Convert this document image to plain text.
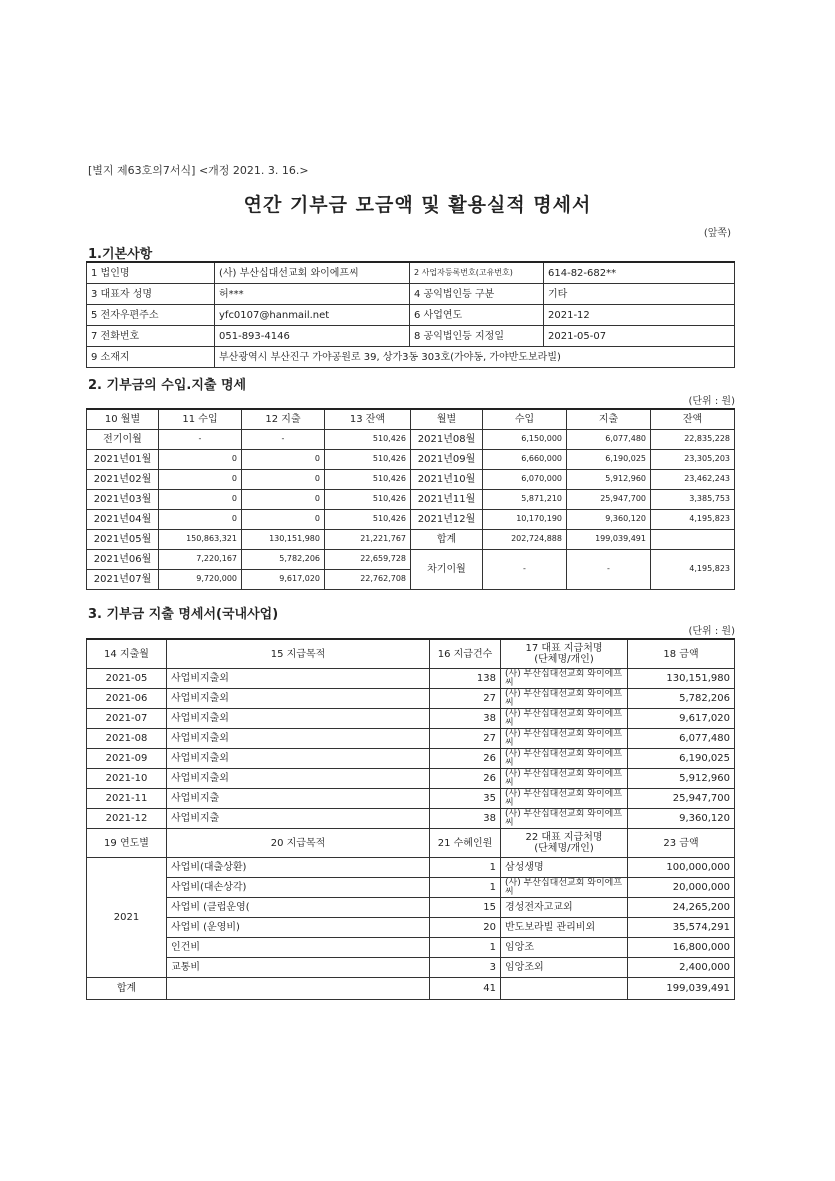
[별지 제63호의7서식] <개정 2021. 3. 16.>
연간 기부금 모금액 및 활용실적 명세서
(앞쪽)
1.기본사항
1 법인명	(사) 부산십대선교회 와이에프씨	2 사업자등록번호(고유번호)	614-82-682**
3 대표자 성명	허***	4 공익법인등 구분	기타
5 전자우편주소	yfc0107@hanmail.net	6 사업연도	2021-12
7 전화번호	051-893-4146	8 공익법인등 지정일	2021-05-07
9 소재지	부산광역시 부산진구 가야공원로 39, 상가3동 303호(가야동, 가야반도보라빌)		
2. 기부금의 수입.지출 명세
(단위 : 원)
10 월별	11 수입	12 지출	13 잔액	월별	수입	지출	잔액
전기이월	-	-	510,426	2021년08월	6,150,000	6,077,480	22,835,228
2021년01월	0	0	510,426	2021년09월	6,660,000	6,190,025	23,305,203
2021년02월	0	0	510,426	2021년10월	6,070,000	5,912,960	23,462,243
2021년03월	0	0	510,426	2021년11월	5,871,210	25,947,700	3,385,753
2021년04월	0	0	510,426	2021년12월	10,170,190	9,360,120	4,195,823
2021년05월	150,863,321	130,151,980	21,221,767	합계	202,724,888	199,039,491	
2021년06월	7,220,167	5,782,206	22,659,728	차기이월	-	-	4,195,823
2021년07월	9,720,000	9,617,020	22,762,708				
3. 기부금 지출 명세서(국내사업)
(단위 : 원)
14 지출월	15 지급목적	16 지급건수	17 대표 지급처명
(단체명/개인)	18 금액
2021-05	사업비지출외	138	(사) 부산십대선교회 와이에프씨	130,151,980
2021-06	사업비지출외	27	(사) 부산십대선교회 와이에프씨	5,782,206
2021-07	사업비지출외	38	(사) 부산십대선교회 와이에프씨	9,617,020
2021-08	사업비지출외	27	(사) 부산십대선교회 와이에프씨	6,077,480
2021-09	사업비지출외	26	(사) 부산십대선교회 와이에프씨	6,190,025
2021-10	사업비지출외	26	(사) 부산십대선교회 와이에프씨	5,912,960
2021-11	사업비지출	35	(사) 부산십대선교회 와이에프씨	25,947,700
2021-12	사업비지출	38	(사) 부산십대선교회 와이에프씨	9,360,120
19 연도별	20 지급목적	21 수혜인원	22 대표 지급처명
(단체명/개인)	23 금액
2021	사업비(대출상환)	1	삼성생명	100,000,000
	사업비(대손상각)	1	(사) 부산십대선교회 와이에프씨	20,000,000
	사업비 (클럽운영(	15	경성전자고교외	24,265,200
	사업비 (운영비)	20	반도보라빌 관리비외	35,574,291
	인건비	1	임앙조	16,800,000
	교통비	3	임앙조외	2,400,000
합계		41		199,039,491
